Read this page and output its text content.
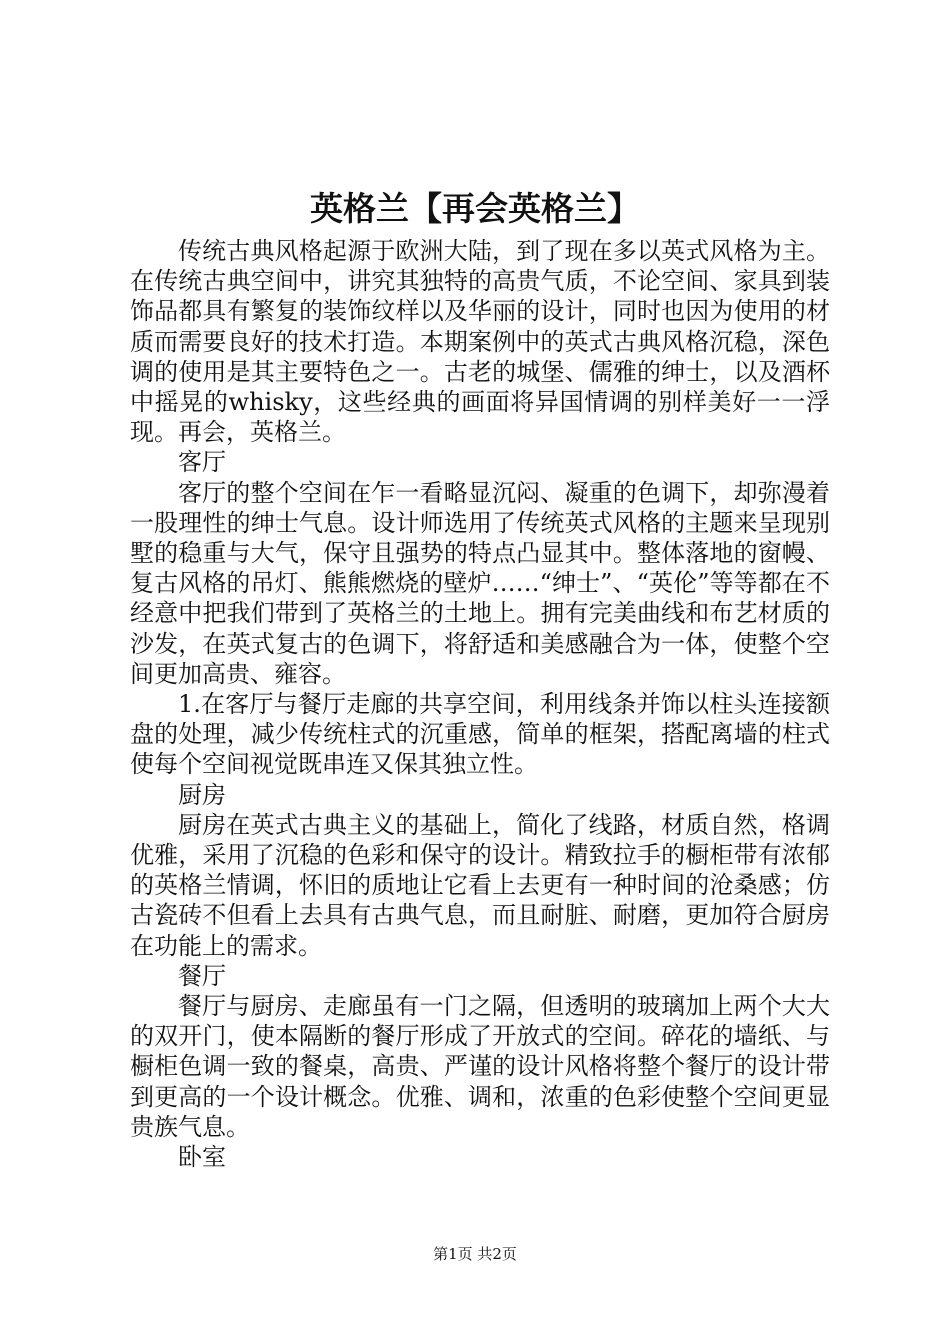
英格兰【再会英格兰】

传统古典风格起源于欧洲大陆，到了现在多以英式风格为主。在传统古典空间中，讲究其独特的高贵气质，不论空间、家具到装饰品都具有繁复的装饰纹样以及华丽的设计，同时也因为使用的材质而需要良好的技术打造。本期案例中的英式古典风格沉稳，深色调的使用是其主要特色之一。古老的城堡、儒雅的绅士，以及酒杯中摇晃的whisky，这些经典的画面将异国情调的别样美好一一浮现。再会，英格兰。

客厅

客厅的整个空间在乍一看略显沉闷、凝重的色调下，却弥漫着一股理性的绅士气息。设计师选用了传统英式风格的主题来呈现别墅的稳重与大气，保守且强势的特点凸显其中。整体落地的窗幔、复古风格的吊灯、熊熊燃烧的壁炉……“绅士”、“英伦”等等都在不经意中把我们带到了英格兰的土地上。拥有完美曲线和布艺材质的沙发，在英式复古的色调下，将舒适和美感融合为一体，使整个空间更加高贵、雍容。

1.在客厅与餐厅走廊的共享空间，利用线条并饰以柱头连接额盘的处理，减少传统柱式的沉重感，简单的框架，搭配离墙的柱式使每个空间视觉既串连又保其独立性。

厨房

厨房在英式古典主义的基础上，简化了线路，材质自然，格调优雅，采用了沉稳的色彩和保守的设计。精致拉手的橱柜带有浓郁的英格兰情调，怀旧的质地让它看上去更有一种时间的沧桑感；仿古瓷砖不但看上去具有古典气息，而且耐脏、耐磨，更加符合厨房在功能上的需求。

餐厅

餐厅与厨房、走廊虽有一门之隔，但透明的玻璃加上两个大大的双开门，使本隔断的餐厅形成了开放式的空间。碎花的墙纸、与橱柜色调一致的餐桌，高贵、严谨的设计风格将整个餐厅的设计带到更高的一个设计概念。优雅、调和，浓重的色彩使整个空间更显贵族气息。

卧室

第1页 共2页
